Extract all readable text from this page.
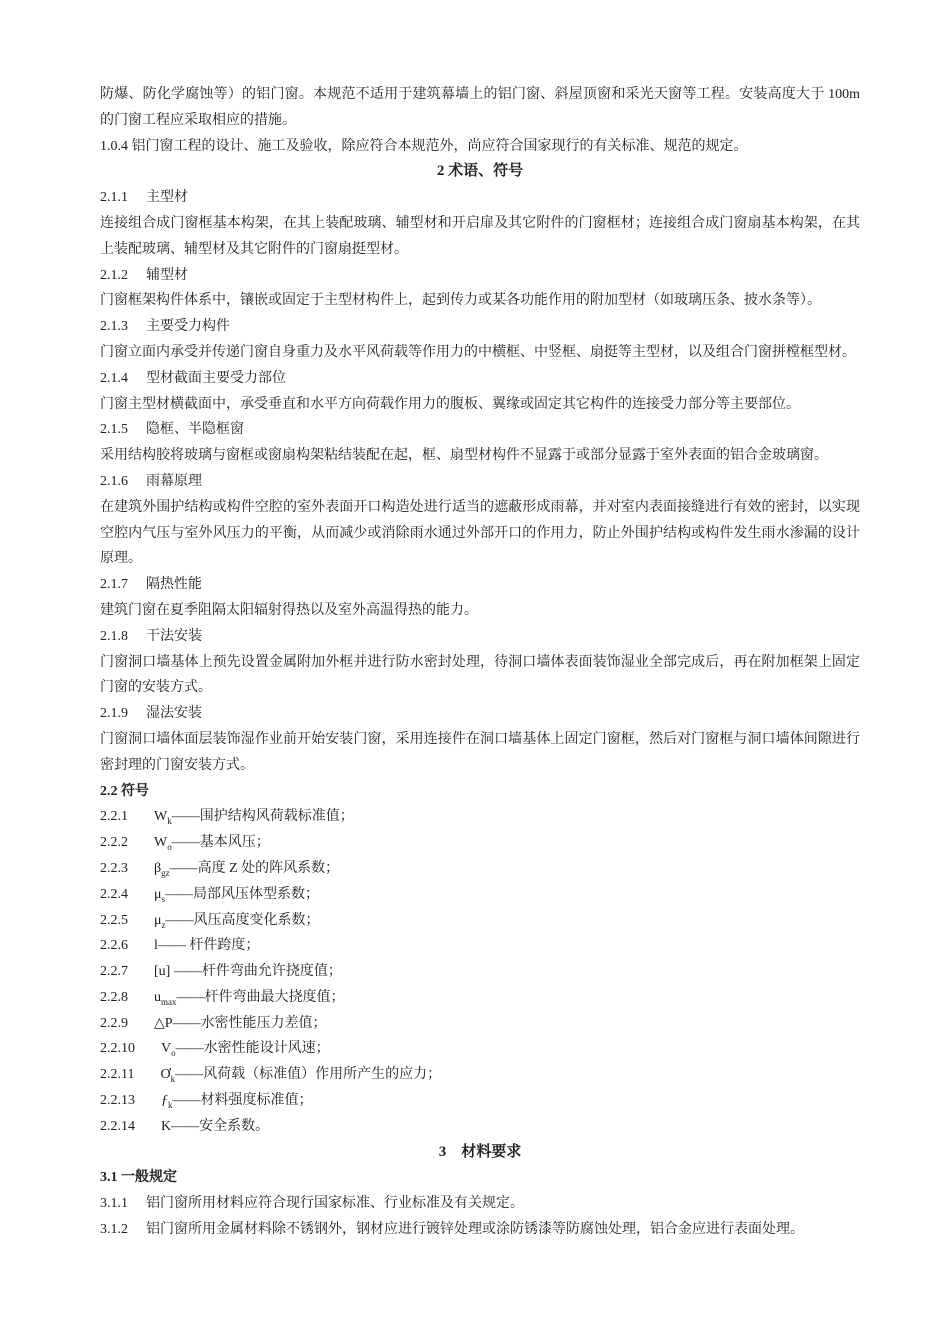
防爆、防化学腐蚀等）的铝门窗。本规范不适用于建筑幕墙上的铝门窗、斜屋顶窗和采光天窗等工程。安装高度大于 100m的门窗工程应采取相应的措施。
1.0.4 铝门窗工程的设计、施工及验收，除应符合本规范外，尚应符合国家现行的有关标准、规范的规定。
2 术语、符号
2.1.1 主型材
连接组合成门窗框基本构架，在其上装配玻璃、辅型材和开启扉及其它附件的门窗框材；连接组合成门窗扇基本构架，在其上装配玻璃、辅型材及其它附件的门窗扇挺型材。
2.1.2 辅型材
门窗框架构件体系中，镶嵌或固定于主型材构件上，起到传力或某各功能作用的附加型材（如玻璃压条、披水条等）。
2.1.3 主要受力构件
门窗立面内承受并传递门窗自身重力及水平风荷载等作用力的中横框、中竖框、扇挺等主型材，以及组合门窗拼樘框型材。
2.1.4 型材截面主要受力部位
门窗主型材横截面中，承受垂直和水平方向荷载作用力的腹板、翼缘或固定其它构件的连接受力部分等主要部位。
2.1.5 隐框、半隐框窗
采用结构胶将玻璃与窗框或窗扇构架粘结装配在起，框、扇型材构件不显露于或部分显露于室外表面的铝合金玻璃窗。
2.1.6 雨幕原理
在建筑外围护结构或构件空腔的室外表面开口构造处进行适当的遮蔽形成雨幕，并对室内表面接缝进行有效的密封，以实现空腔内气压与室外风压力的平衡，从而减少或消除雨水通过外部开口的作用力，防止外围护结构或构件发生雨水渗漏的设计原理。
2.1.7 隔热性能
建筑门窗在夏季阻隔太阳辐射得热以及室外高温得热的能力。
2.1.8 干法安装
门窗洞口墙基体上预先设置金属附加外框并进行防水密封处理，待洞口墙体表面装饰湿业全部完成后，再在附加框架上固定门窗的安装方式。
2.1.9 湿法安装
门窗洞口墙体面层装饰湿作业前开始安装门窗，采用连接件在洞口墙基体上固定门窗框，然后对门窗框与洞口墙体间隙进行密封理的门窗安装方式。
2.2 符号
2.2.1 $W_k——$围护结构风荷载标准值；
2.2.2 $W_o——$基本风压；
2.2.3 $\beta_{gz}——$高度 Z 处的阵风系数；
2.2.4 $\mu_s——$局部风压体型系数；
2.2.5 $\mu_z——$风压高度变化系数；
2.2.6 l—— 杆件跨度；
2.2.7 [u] ——杆件弯曲允许挠度值；
2.2.8 $u_{max}——$杆件弯曲最大挠度值；
2.2.9 △P——水密性能压力差值；
2.2.10 $V_o——$水密性能设计风速；
2.2.11 $Ơ_k——$风荷载（标准值）作用所产生的应力；
2.2.13 $ƒ_k——$材料强度标准值；
2.2.14 K——安全系数。
3　材料要求
3.1 一般规定
3.1.1 铝门窗所用材料应符合现行国家标准、行业标准及有关规定。
3.1.2 铝门窗所用金属材料除不锈钢外，钢材应进行镀锌处理或涂防锈漆等防腐蚀处理，铝合金应进行表面处理。
